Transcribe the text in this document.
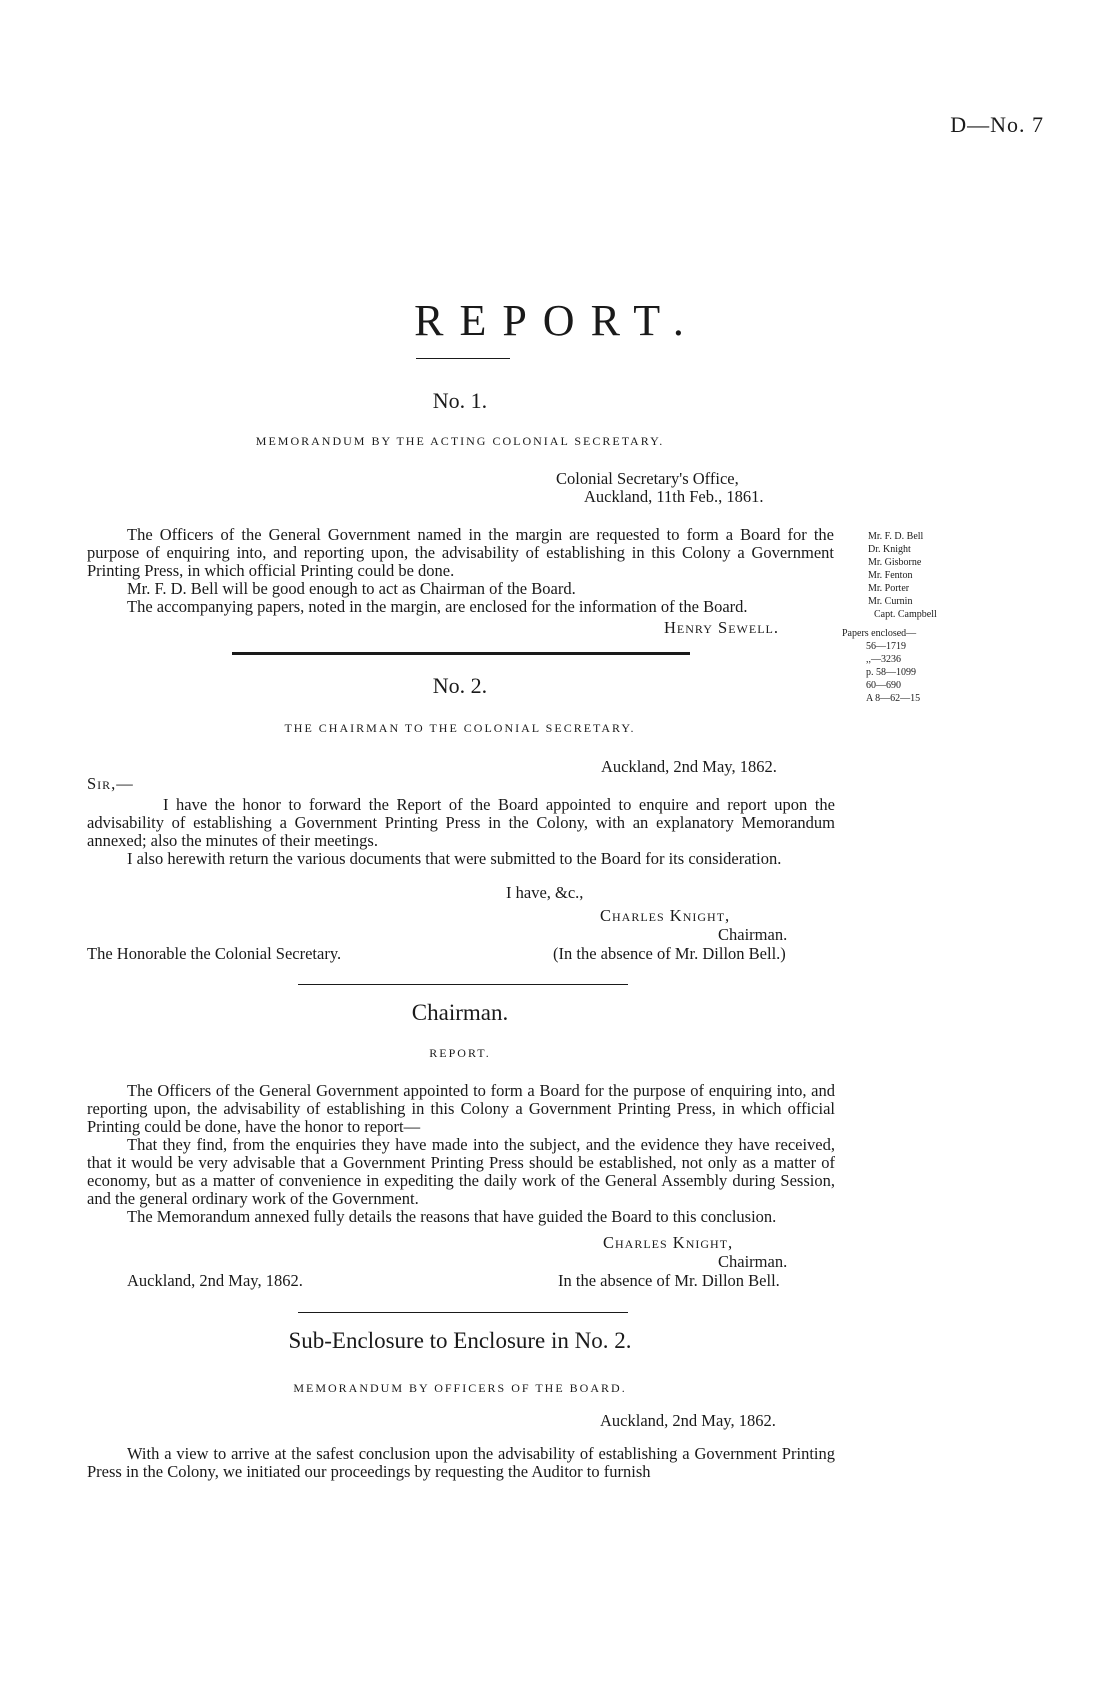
D—No. 7
REPORT.
No. 1.
MEMORANDUM BY THE ACTING COLONIAL SECRETARY.
Colonial Secretary's Office,
Auckland, 11th Feb., 1861.

The Officers of the General Government named in the margin are requested to form a Board for the purpose of enquiring into, and reporting upon, the advisability of establishing in this Colony a Government Printing Press, in which official Printing could be done.

Mr. F. D. Bell will be good enough to act as Chairman of the Board.

The accompanying papers, noted in the margin, are enclosed for the information of the Board.

Henry Sewell.
Mr. F. D. Bell
Dr. Knight
Mr. Gisborne
Mr. Fenton
Mr. Porter
Mr. Curnin
Capt. Campbell
Papers enclosed—
56—1719
,,—3236
p. 58—1099
60—690
A 8—62—15
No. 2.
THE CHAIRMAN TO THE COLONIAL SECRETARY.
Auckland, 2nd May, 1862.
Sir,—

I have the honor to forward the Report of the Board appointed to enquire and report upon the advisability of establishing a Government Printing Press in the Colony, with an explanatory Memorandum annexed; also the minutes of their meetings.

I also herewith return the various documents that were submitted to the Board for its consideration.

I have, &c.,
Charles Knight,
Chairman.
The Honorable the Colonial Secretary.	(In the absence of Mr. Dillon Bell.)
Chairman.
REPORT.

The Officers of the General Government appointed to form a Board for the purpose of enquiring into, and reporting upon, the advisability of establishing in this Colony a Government Printing Press, in which official Printing could be done, have the honor to report—

That they find, from the enquiries they have made into the subject, and the evidence they have received, that it would be very advisable that a Government Printing Press should be established, not only as a matter of economy, but as a matter of convenience in expediting the daily work of the General Assembly during Session, and the general ordinary work of the Government.

The Memorandum annexed fully details the reasons that have guided the Board to this conclusion.

Charles Knight,
Chairman.
Auckland, 2nd May, 1862.	In the absence of Mr. Dillon Bell.
Sub-Enclosure to Enclosure in No. 2.
MEMORANDUM BY OFFICERS OF THE BOARD.
Auckland, 2nd May, 1862.

With a view to arrive at the safest conclusion upon the advisability of establishing a Government Printing Press in the Colony, we initiated our proceedings by requesting the Auditor to furnish
